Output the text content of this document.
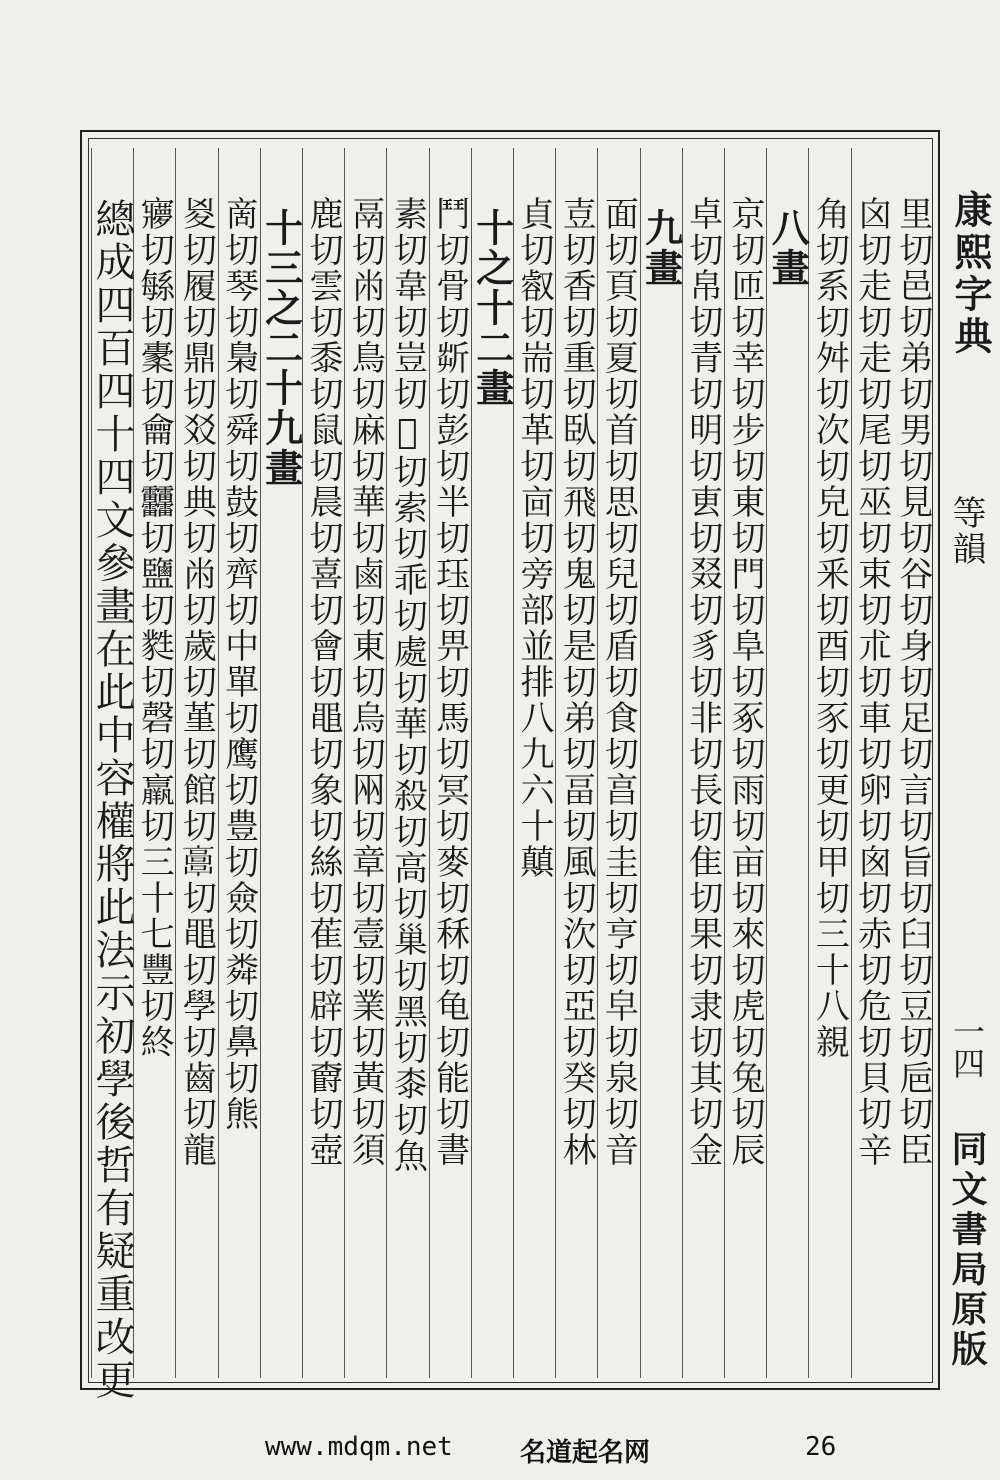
里切邑切弟切男切見切谷切身切足切言切旨切臼切豆切巵切臣
囟切走切走切尾切巫切束切朮切車切卵切囪切赤切危切貝切辛
角切系切舛切次切皃切釆切酉切豕切更切甲切三十八親
八畫
京切匝切幸切步切東切門切阜切豖切雨切亩切來切虎切兔切辰
卓切帛切青切明切叀切叕切豸切非切長切隹切果切隶切其切金
九畫
面切頁切夏切首切思切兒切盾切食切亯切圭切亨切皁切泉切音
壴切香切重切臥切飛切鬼切是切弟切畐切風切㳄切亞切癸切林
貞切㕡切耑切革切㐭切旁部並排八九六十㒹
十之十二畫
鬥切骨切㪿切彭切半切珏切畀切馬切冥切麥切秝切龟切能切書
素切韋切豈切𠄦切索切乖切處切華切殺切高切巢切黑切桼切魚
鬲切㡀切鳥切麻切華切鹵切東切烏切㒳切章切壹切業切黃切須
鹿切雲切黍切鼠切晨切喜切會切黽切象切絲切萑切辟切𣝣切壺
十三之二十九畫
啇切琴切梟切舜切鼓切齊切中單切鹰切豊切僉切粦切鼻切熊
㚇切履切鼎切㸚切典切㡀切歲切堇切館切𩫖切黽切學切齒切龍
㝱切緐切㯻切龠切䨻切鹽切㽔切磬切羸切三十七豐切終
總成四百四十四文參畫在此中容權將此法示初學後哲有疑重改更	康熙字典
等韻
一四
同文書局原版
www.mdqm.net	名道起名网	26
